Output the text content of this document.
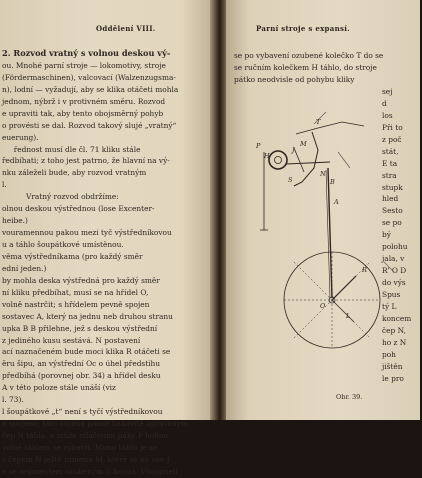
Oddělení VIII.
2. Rozvod vratný s volnou deskou vý-
ou. Mnohé parní stroje — lokomotivy, stroje
(Fördermaschinen), valcovací (Walzenzugsma-
n), lodní — vyžadují, aby se klika otáčeti mohla
jednom, nýbrž i v protivném směru. Rozvod
e upraviti tak, aby tento obojsměrný pohyb
o provésti se dal. Rozvod takový slujé „vratný“
euerung).
řednost musí dle čl. 71 kliku stále
ředbíhati; z toho jest patrno, že hlavní na vý-
nku záleželi bude, aby rozvod vratným
l.
Vratný rozvod obdržíme:
olnou deskou výstřednou (lose Excenter-
heibe.)
vouramennou pakou mezi tyč výstředníkovou
u a táhlo šoupátkové umístěnou.
věma výstředníkama (pro každý směr
ední jeden.)
by mohla deska výstředná pro každý směr
ní kliku předbíhat, musí se na hřídel O,
volně nastrčit; s hřídelem pevně spojen
sostavec A, který na jednu neb druhou stranu
upka B B přilehne, jež s deskou výstřední
z jediného kusu sestává. N postavení
ací naznačeném bude moci klika R otáčeti se
ěru šipu, an výstřední Oc o úhel předstihu
předbíhá (porovnej obr. 34) a hřídel desku
A v této poloze stále unáší (viz
l. 73).
l šoupátkové „t“ není s tyčí výstředníkovou
é spojeno; tato objímá pouze hákovitě upraveným
čep N táhla, a může stlačením páky P hobou
volně táhlem se vybavit. Mimo táhlo je ze
s čepem N ještě ramenu M, které se na ose J
é se segmentem ozubeným S houpá. Všoupneli
Parní stroje s expansí.
se po vybavení ozubené kolečko T do se
se ručním kolečkem H táhlo, do stroje
pátko neodvisle od pohybu kliky
sej
d
los
Při to
z poč
stát,
E ta
stra
stupk
hled
Sesto
se po
bý
polohu
jala, v
R’ O D
do výs
Spus
tý L
koncem
čep N,
ho z N
poh
jištěn
le pro
T
H
S
M
B
A
R
N
J
L
O
P
Obr. 39.
